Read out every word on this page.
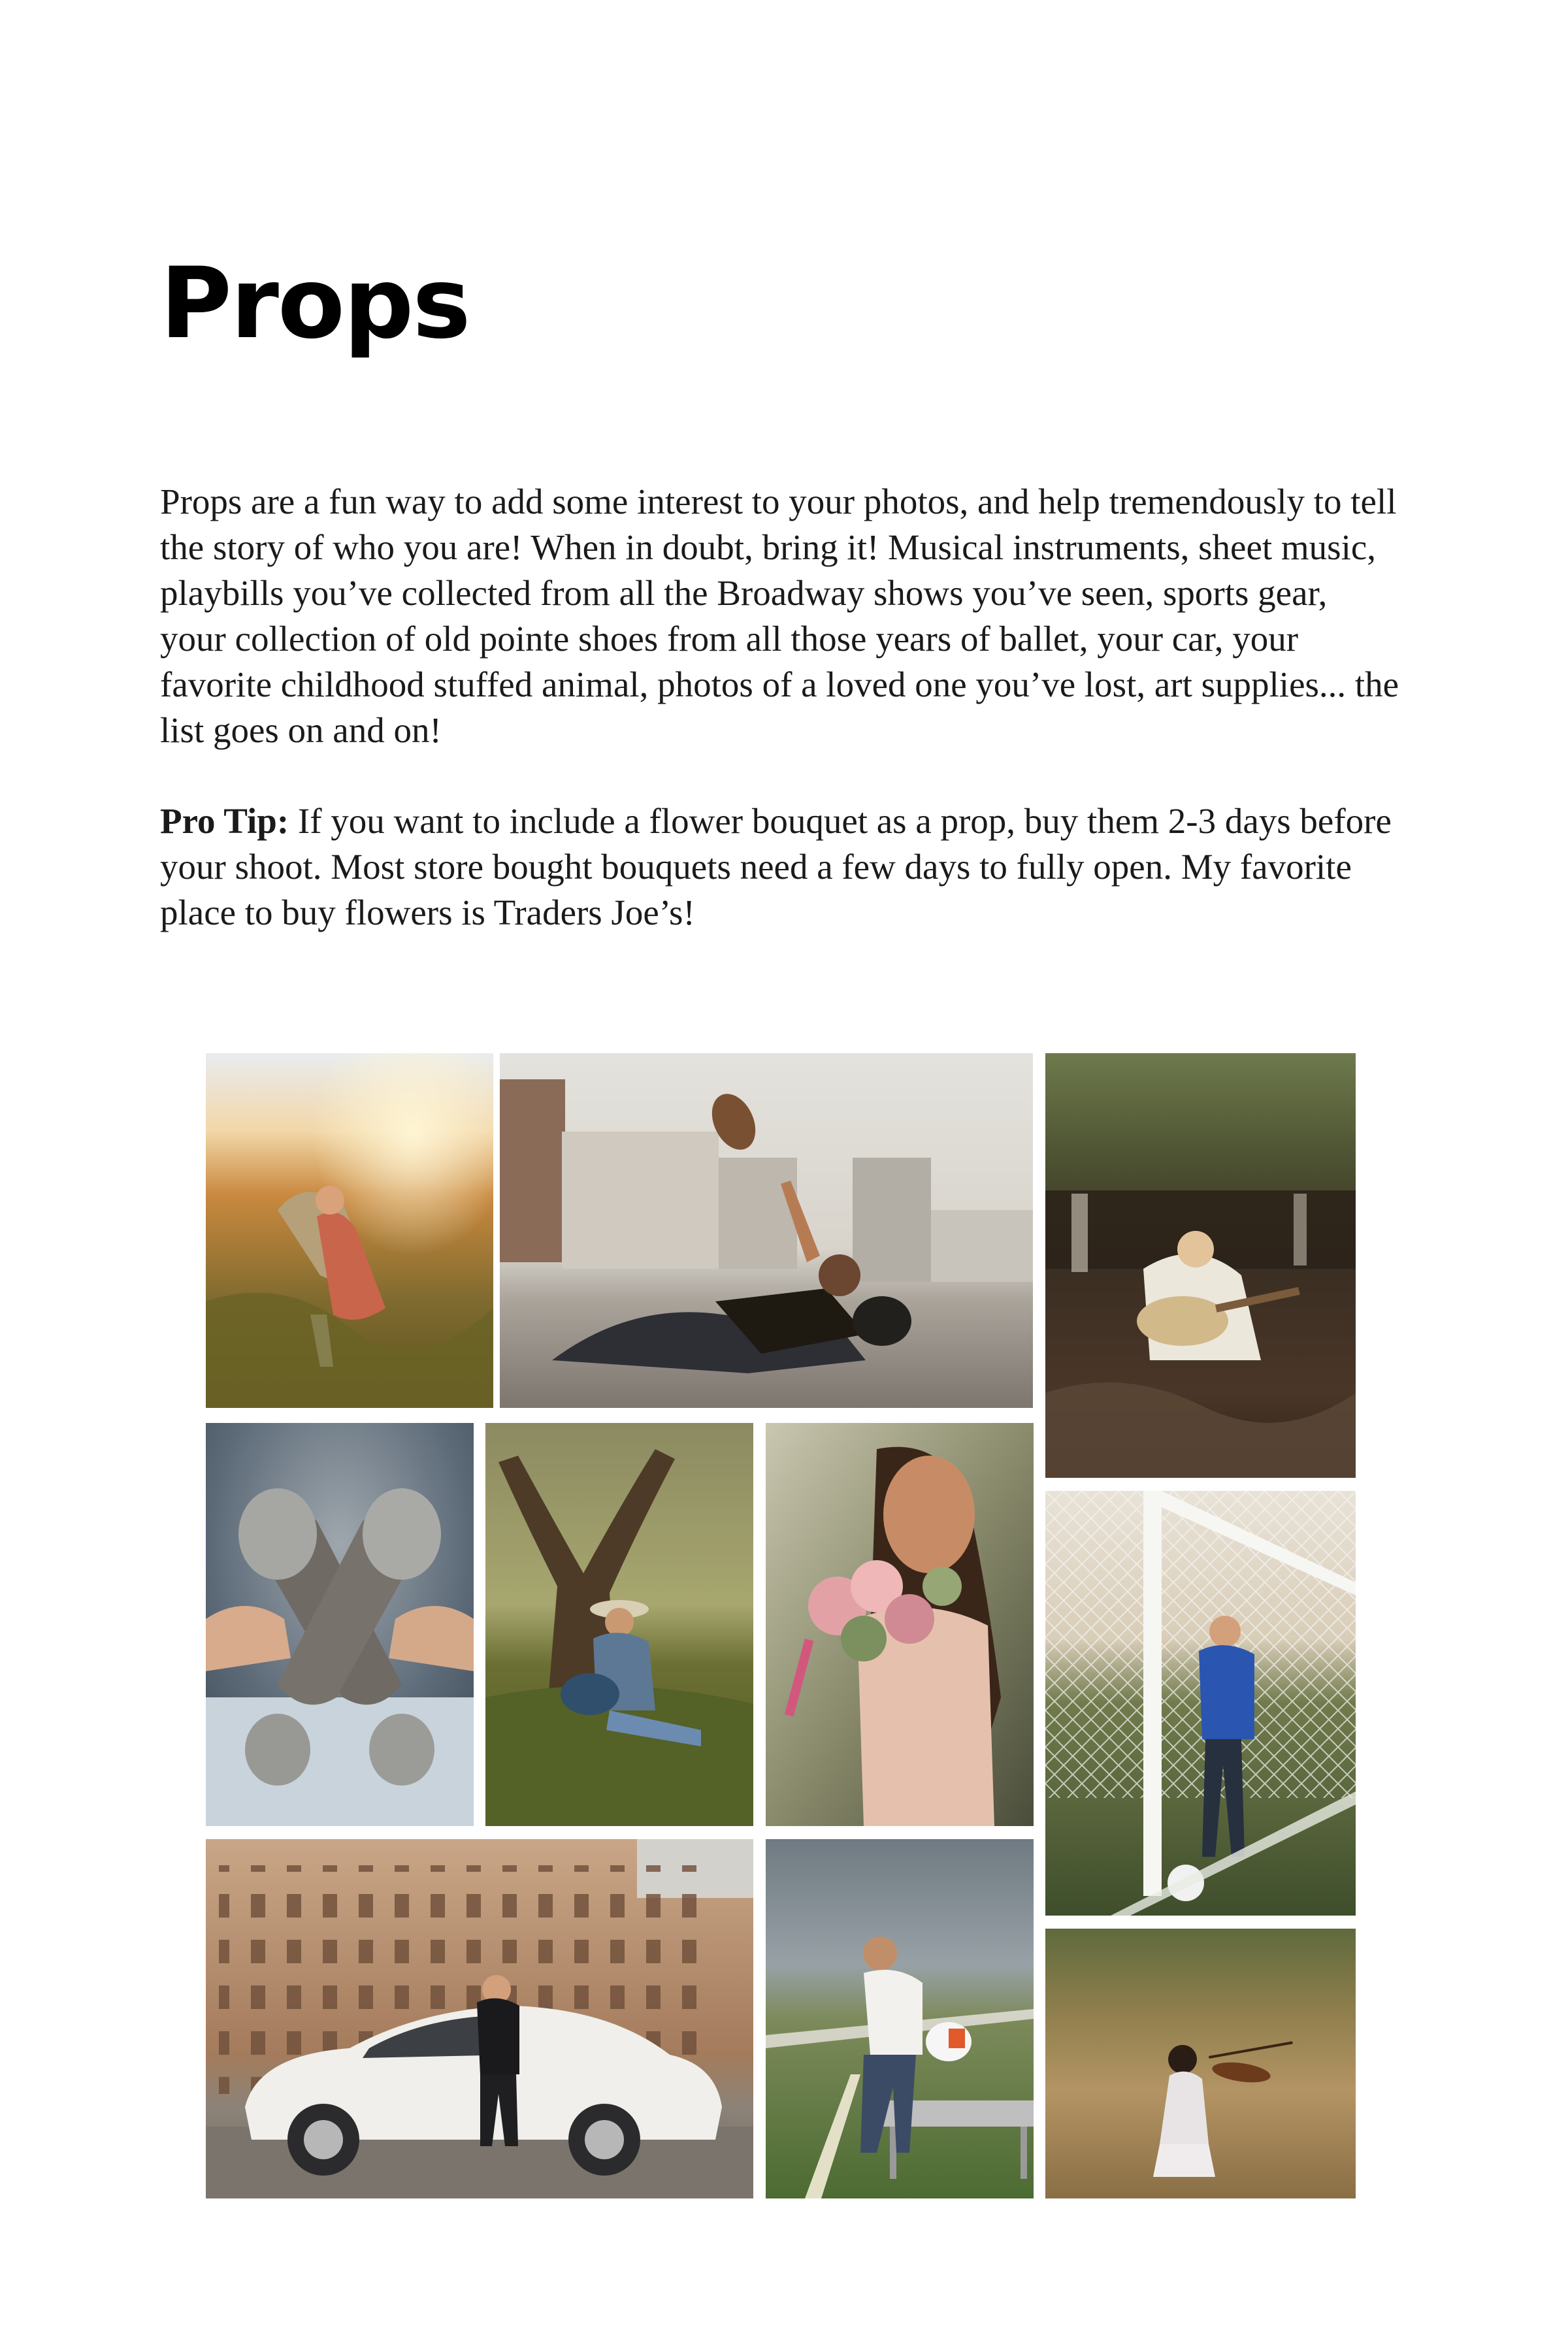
Props

Props are a fun way to add some interest to your photos, and help tremendously to tell the story of who you are! When in doubt, bring it! Musical instruments, sheet music, playbills you’ve collected from all the Broadway shows you’ve seen, sports gear, your collection of old pointe shoes from all those years of ballet, your car, your favorite childhood stuffed animal, photos of a loved one you’ve lost, art supplies... the list goes on and on!

Pro Tip: If you want to include a flower bouquet as a prop, buy them 2-3 days before your shoot. Most store bought bouquets need a few days to fully open. My favorite place to buy flowers is Traders Joe’s!
